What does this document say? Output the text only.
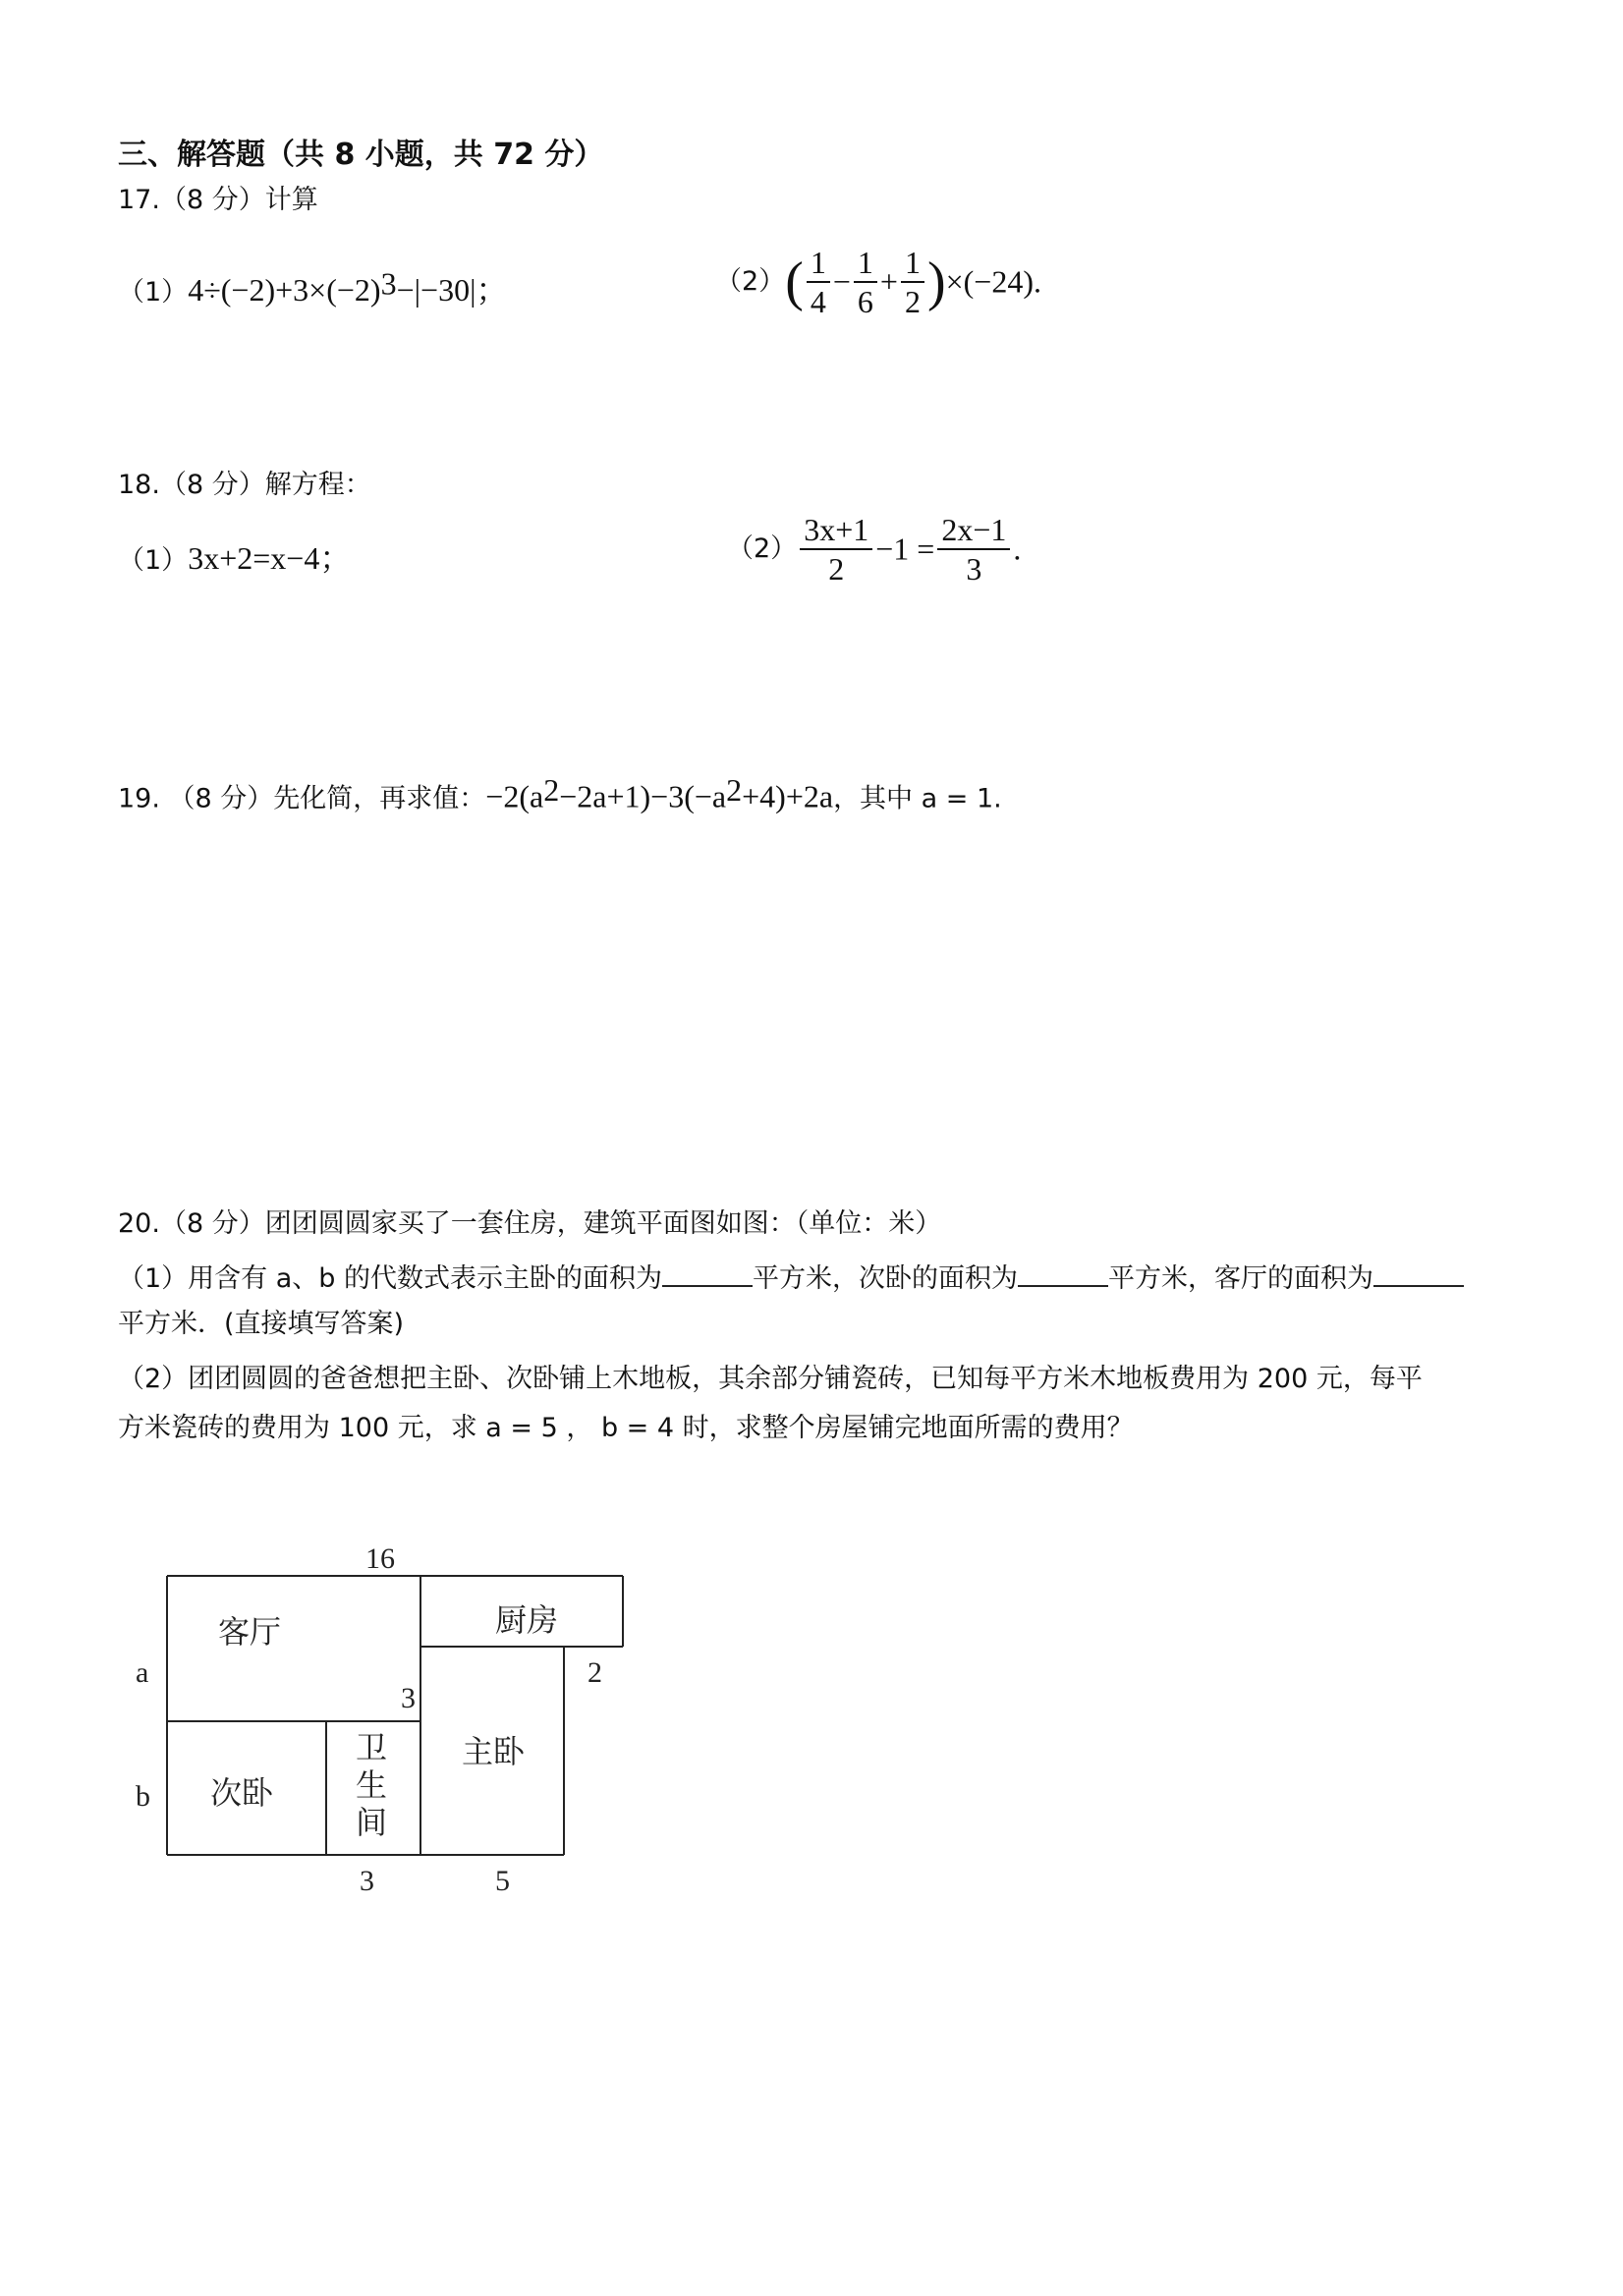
三、解答题（共 8 小题，共 72 分）
17.（8 分）计算
$(1)4\div(-2)+3\times(-2)^3-|-30|$；	$(2)( \frac{1}{4} - \frac{1}{6} + \frac{1}{2} )\times(-24)$.
18.（8 分）解方程：
（1）3x+2=x−4；	$(2) \frac{3x+1}{2} -1 = \frac{2x-1}{3}$ .
19. （8 分）先化简，再求值：$-2(a^2-2a+1)-3(-a^2+4)+2a$，其中 a = 1.
20.（8 分）团团圆圆家买了一套住房，建筑平面图如图：（单位：米）
（1）用含有 a、b 的代数式表示主卧的面积为	平方米，次卧的面积为	平方米，客厅的面积为
平方米．(直接填写答案)
（2）团团圆圆的爸爸想把主卧、次卧铺上木地板，其余部分铺瓷砖，已知每平方米木地板费用为 200 元，每平
方米瓷砖的费用为 100 元，求 a = 5 ， b = 4 时，求整个房屋铺完地面所需的费用？
客厅	厨房
主卧
次卧
卫
生
间
16
a
b
3
2
3	5
